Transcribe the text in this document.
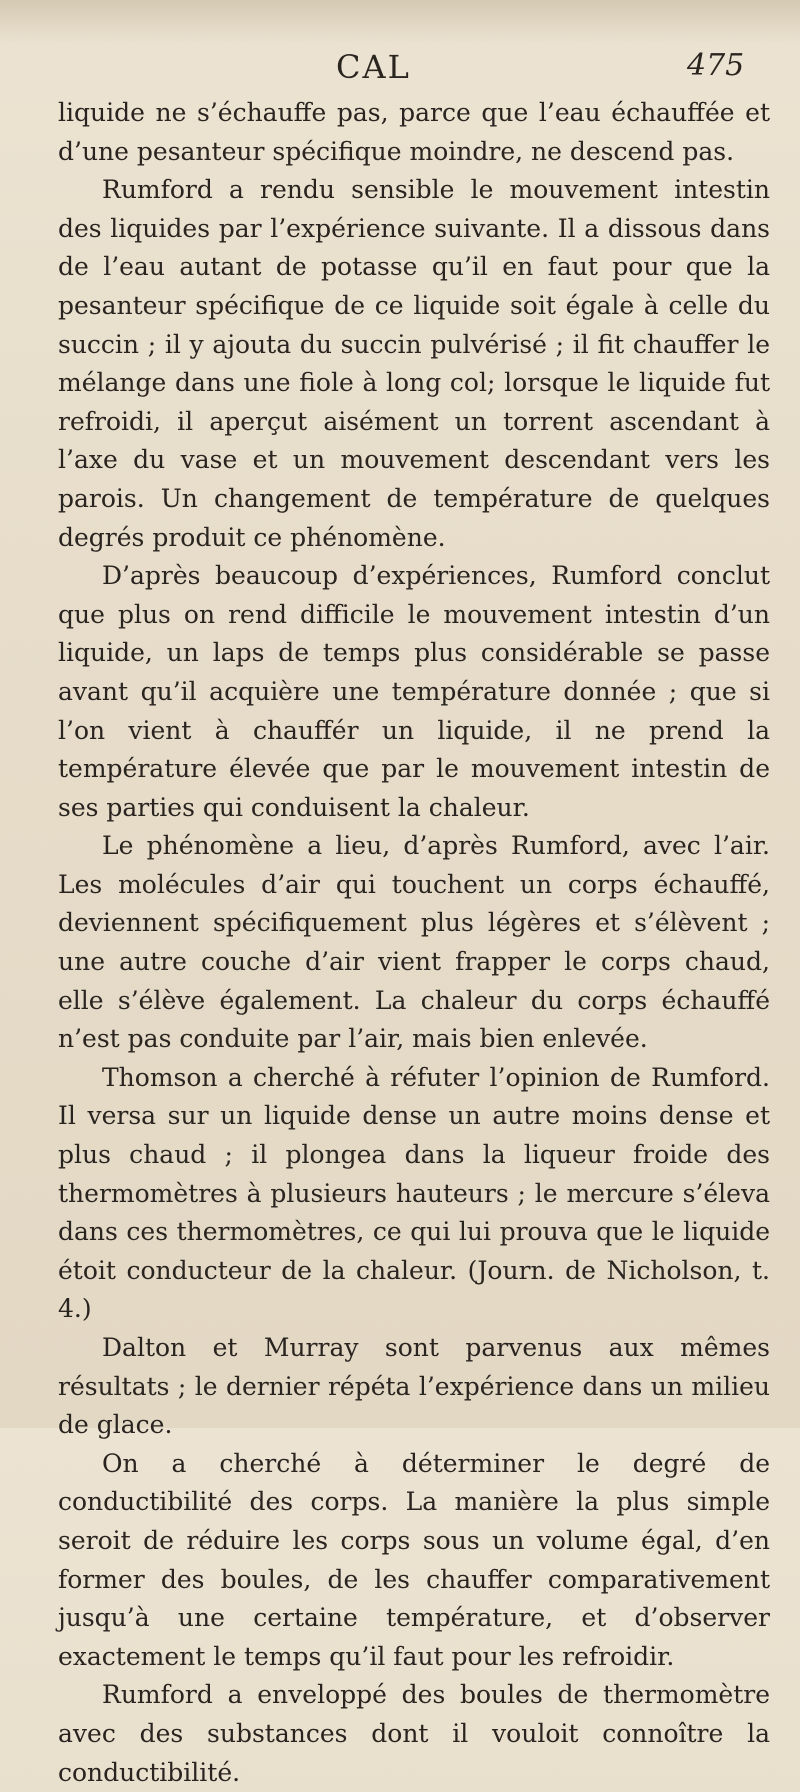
CAL	475

liquide ne s’échauffe pas, parce que l’eau échauffée et d’une pesanteur spécifique moindre, ne descend pas.

Rumford a rendu sensible le mouvement intestin des liquides par l’expérience suivante. Il a dissous dans de l’eau autant de potasse qu’il en faut pour que la pesanteur spécifique de ce liquide soit égale à celle du succin ; il y ajouta du succin pulvérisé ; il fit chauffer le mélange dans une fiole à long col; lorsque le liquide fut refroidi, il aperçut aisément un torrent ascendant à l’axe du vase et un mouvement descendant vers les parois. Un changement de température de quelques degrés produit ce phénomène.

D’après beaucoup d’expériences, Rumford conclut que plus on rend difficile le mouvement intestin d’un liquide, un laps de temps plus considérable se passe avant qu’il acquière une température donnée ; que si l’on vient à chauffér un liquide, il ne prend la température élevée que par le mouvement intestin de ses parties qui conduisent la chaleur.

Le phénomène a lieu, d’après Rumford, avec l’air. Les molécules d’air qui touchent un corps échauffé, deviennent spécifiquement plus légères et s’élèvent ; une autre couche d’air vient frapper le corps chaud, elle s’élève également. La chaleur du corps échauffé n’est pas conduite par l’air, mais bien enlevée.

Thomson a cherché à réfuter l’opinion de Rumford. Il versa sur un liquide dense un autre moins dense et plus chaud ; il plongea dans la liqueur froide des thermomètres à plusieurs hauteurs ; le mercure s’éleva dans ces thermomètres, ce qui lui prouva que le liquide étoit conducteur de la chaleur. (Journ. de Nicholson, t. 4.)

Dalton et Murray sont parvenus aux mêmes résultats ; le dernier répéta l’expérience dans un milieu de glace.

On a cherché à déterminer le degré de conductibilité des corps. La manière la plus simple seroit de réduire les corps sous un volume égal, d’en former des boules, de les chauffer comparativement jusqu’à une certaine température, et d’observer exactement le temps qu’il faut pour les refroidir.

Rumford a enveloppé des boules de thermomètre avec des substances dont il vouloit connoître la conductibilité.
